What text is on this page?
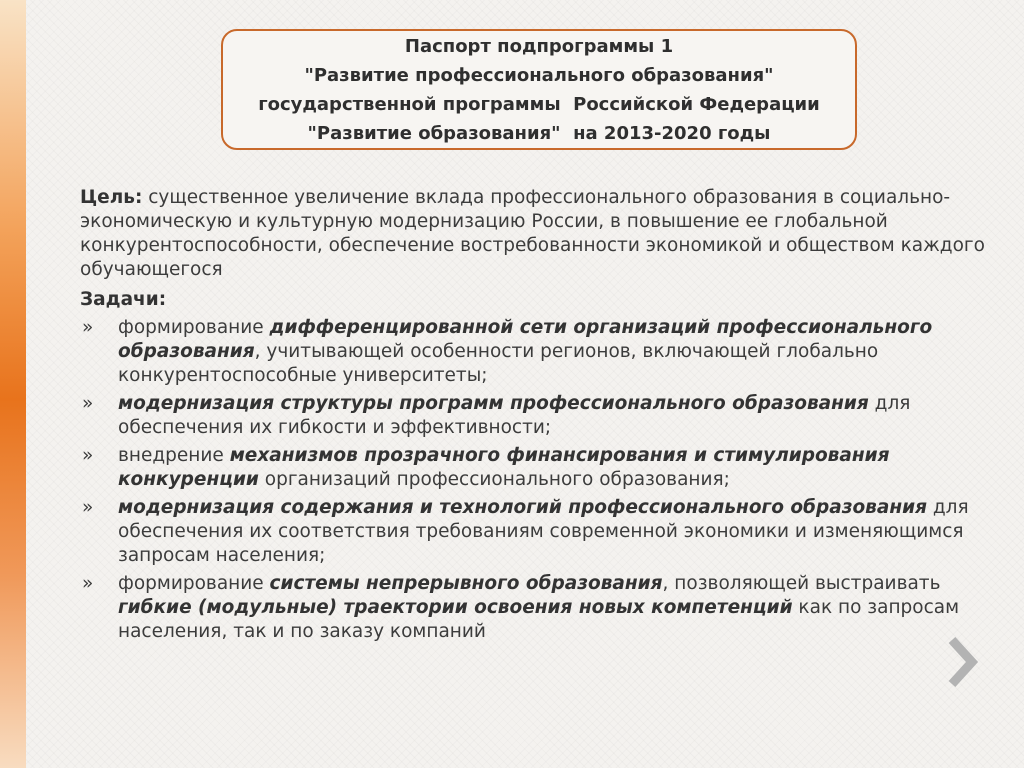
Паспорт подпрограммы 1
"Развитие профессионального образования"
государственной программы  Российской Федерации
"Развитие образования"  на 2013-2020 годы

Цель: существенное увеличение вклада профессионального образования в социально- экономическую и культурную модернизацию России, в повышение ее глобальной конкурентоспособности, обеспечение востребованности экономикой и обществом каждого обучающегося

Задачи:
» формирование дифференцированной сети организаций профессионального образования, учитывающей особенности регионов, включающей глобально конкурентоспособные университеты;
» модернизация структуры программ профессионального образования для обеспечения их гибкости и эффективности;
» внедрение механизмов прозрачного финансирования и стимулирования конкуренции организаций профессионального образования;
» модернизация содержания и технологий профессионального образования для обеспечения их соответствия требованиям современной экономики и изменяющимся запросам населения;
» формирование системы непрерывного образования, позволяющей выстраивать гибкие (модульные) траектории освоения новых компетенций как по запросам населения, так и по заказу компаний
